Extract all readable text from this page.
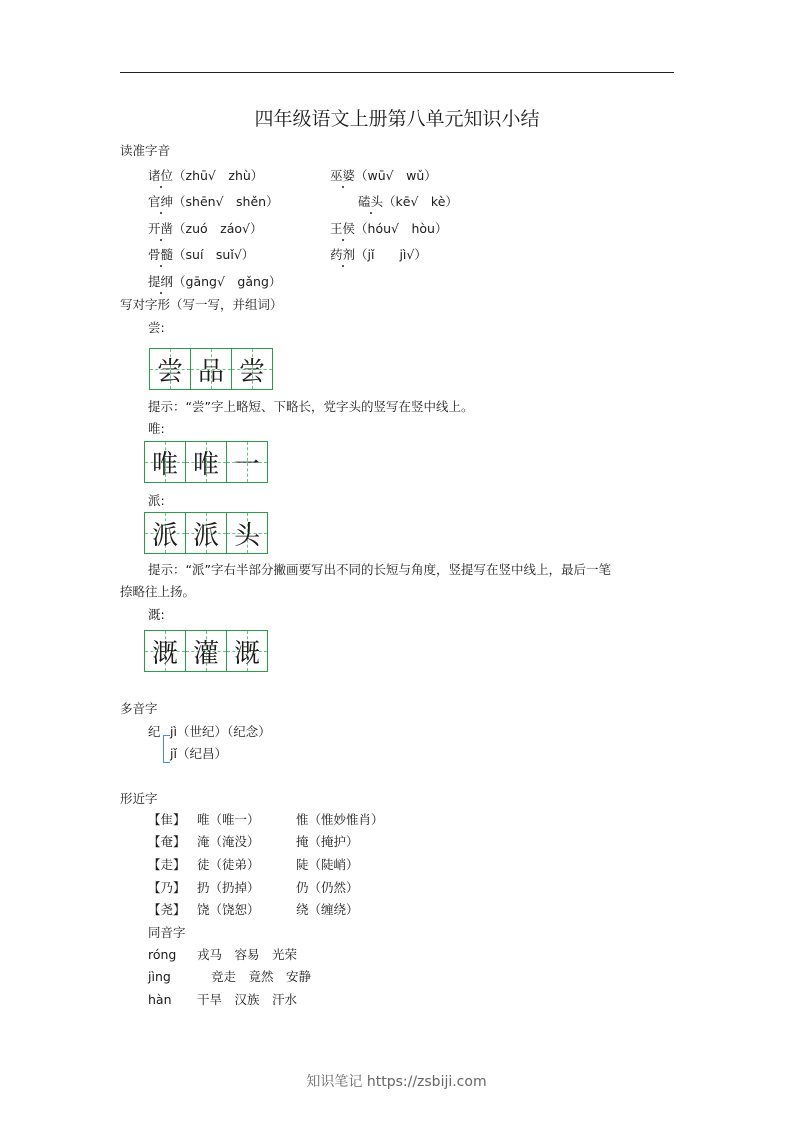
四年级语文上册第八单元知识小结
读准字音
诸位（zhū√　zhù）	巫婆（wū√　wǔ）
官绅（shēn√　shěn）	磕头（kē√　kè）
开凿（zuó　záo√）	王侯（hóu√　hòu）
骨髓（suí　suǐ√）	药剂（jǐ　　jì√）
提纲（gāng√　gǎng）
写对字形（写一写，并组词）
尝:
尝 品 尝
提示：“尝”字上略短、下略长，党字头的竖写在竖中线上。
唯:
唯 唯 一
派:
派 派 头
提示：“派”字右半部分撇画要写出不同的长短与角度，竖提写在竖中线上，最后一笔
捺略往上扬。
溉:
溉 灌 溉
多音字
纪 jì（世纪）（纪念）
jǐ（纪昌）
形近字
【隹】 唯（唯一）	惟（惟妙惟肖）
【奄】 淹（淹没）	掩（掩护）
【走】 徒（徒弟）	陡（陡峭）
【乃】 扔（扔掉）	仍（仍然）
【尧】 饶（饶恕）	绕（缠绕）
同音字
róng 戎马　容易　光荣
jìng	竞走　竟然　安静
hàn 干旱　汉族　汗水
知识笔记 https://zsbiji.com
